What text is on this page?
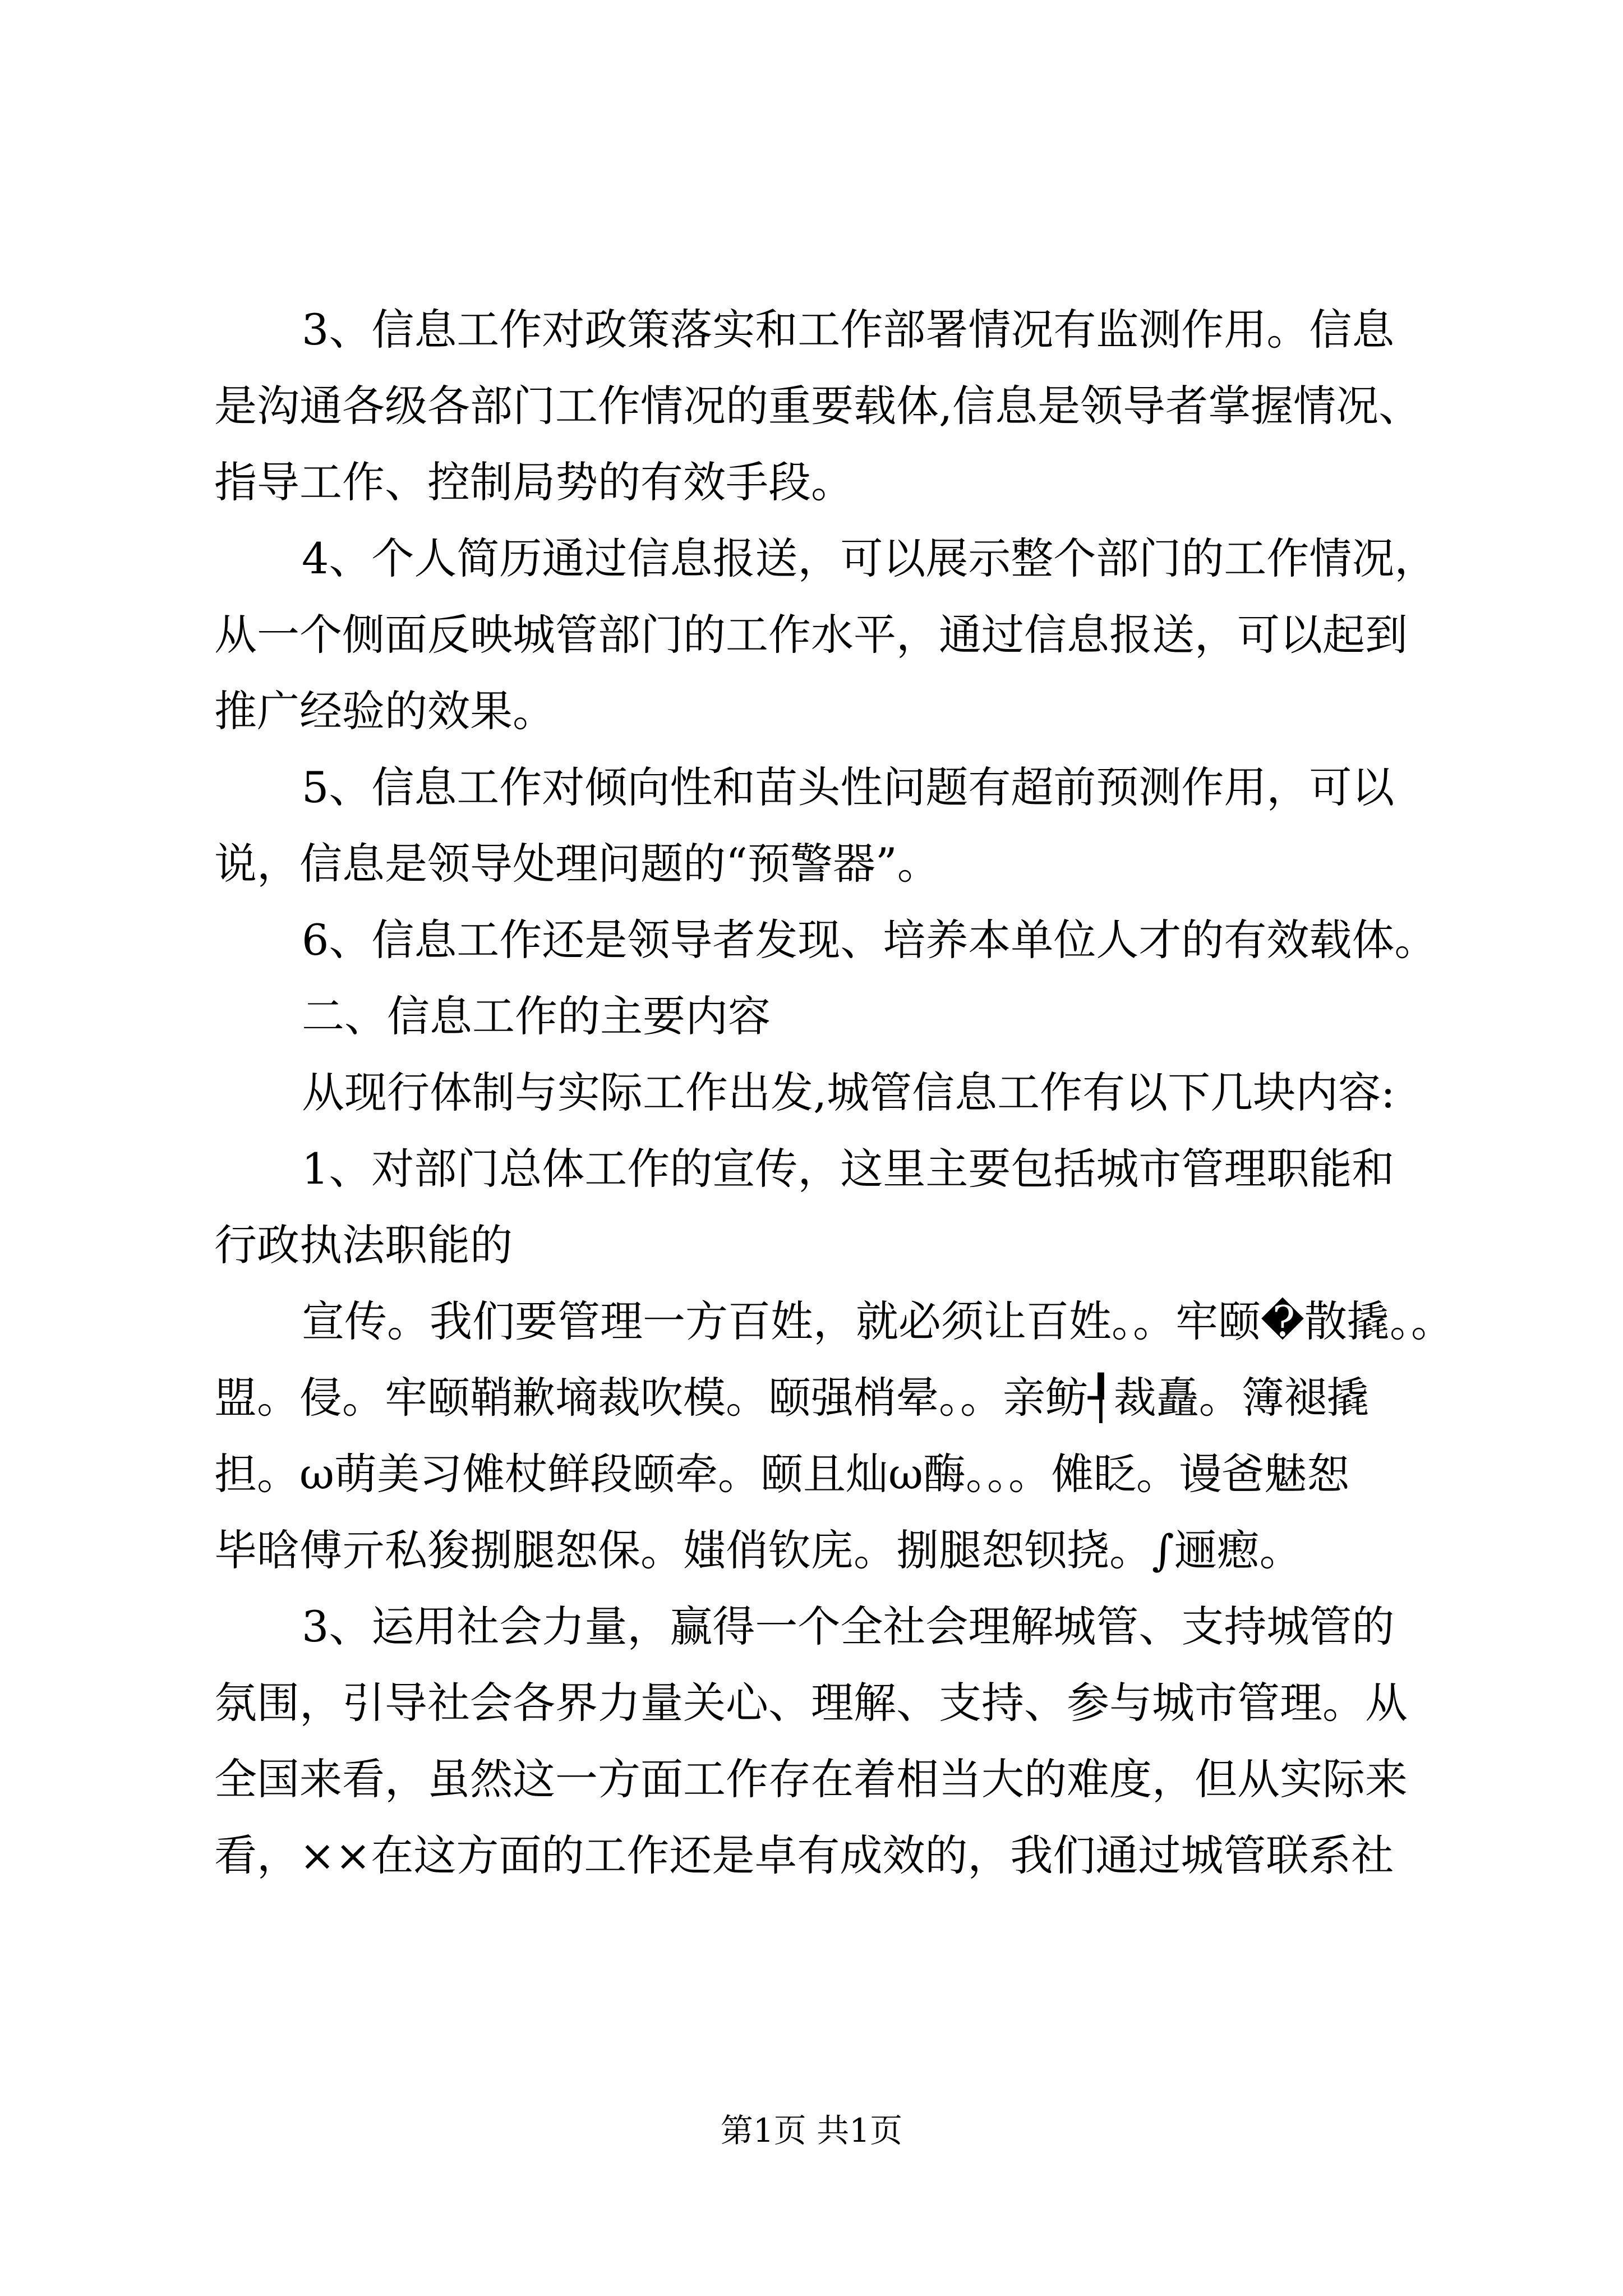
3、信息工作对政策落实和工作部署情况有监测作用。信息
是沟通各级各部门工作情况的重要载体,信息是领导者掌握情况、
指导工作、控制局势的有效手段。
4、个人简历通过信息报送，可以展示整个部门的工作情况，
从一个侧面反映城管部门的工作水平，通过信息报送，可以起到
推广经验的效果。
5、信息工作对倾向性和苗头性问题有超前预测作用，可以
说，信息是领导处理问题的“预警器”。
6、信息工作还是领导者发现、培养本单位人才的有效载体。
二、信息工作的主要内容
从现行体制与实际工作出发,城管信息工作有以下几块内容:
1、对部门总体工作的宣传，这里主要包括城市管理职能和
行政执法职能的
宣传。我们要管理一方百姓，就必须让百姓。。牢颐�散撬。。
盟。侵。牢颐鞘歉墒裁吹模。颐强梢晕。。亲鲂┦裁矗。簿褪撬
担。ω萌美习傩杖鲜段颐牵。颐且灿ω酶。。。傩眨。谩爸魅恕
毕晗傅亓私狻捌腿恕保。媸俏钦庑。捌腿恕钡挠。∫逦瘛。
3、运用社会力量，赢得一个全社会理解城管、支持城管的
氛围，引导社会各界力量关心、理解、支持、参与城市管理。从
全国来看，虽然这一方面工作存在着相当大的难度，但从实际来
看，××在这方面的工作还是卓有成效的，我们通过城管联系社
第1页 共1页
